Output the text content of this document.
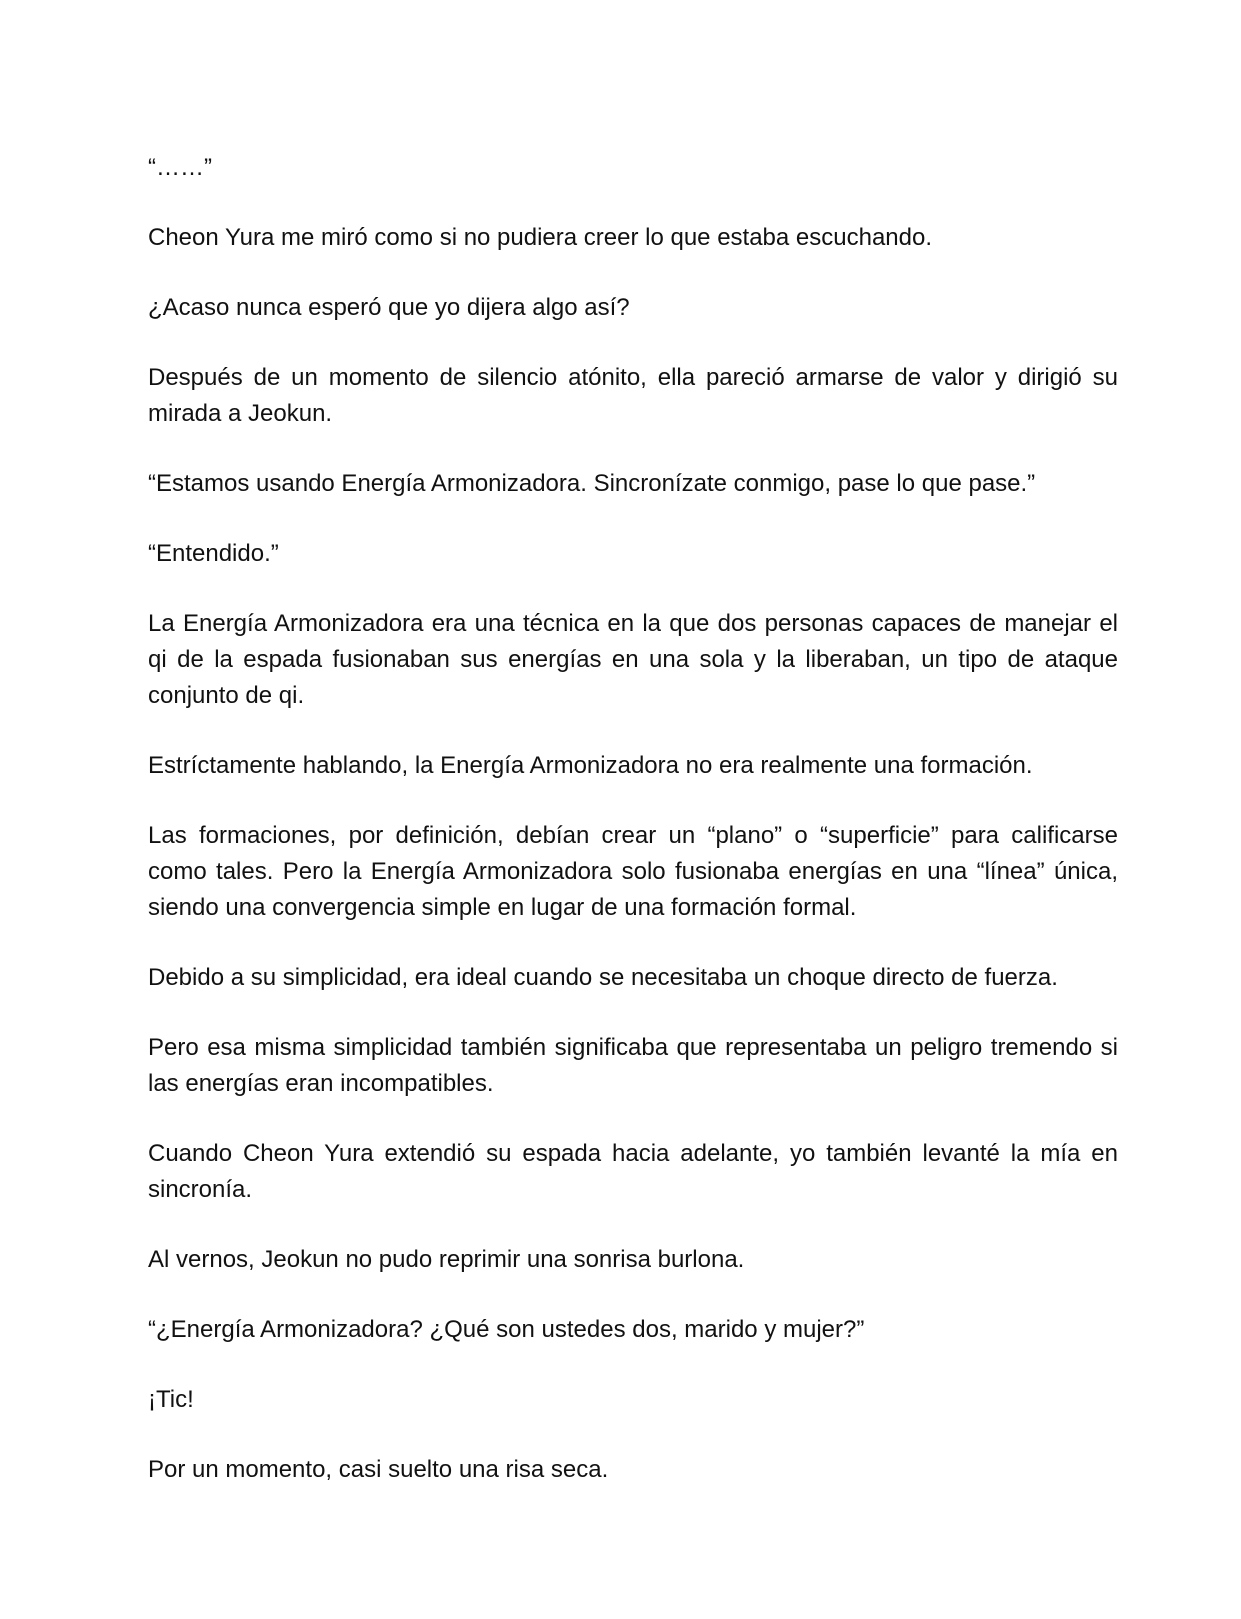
“……”

Cheon Yura me miró como si no pudiera creer lo que estaba escuchando.

¿Acaso nunca esperó que yo dijera algo así?

Después de un momento de silencio atónito, ella pareció armarse de valor y dirigió su mirada a Jeokun.

“Estamos usando Energía Armonizadora. Sincronízate conmigo, pase lo que pase.”

“Entendido.”

La Energía Armonizadora era una técnica en la que dos personas capaces de manejar el qi de la espada fusionaban sus energías en una sola y la liberaban, un tipo de ataque conjunto de qi.

Estríctamente hablando, la Energía Armonizadora no era realmente una formación.

Las formaciones, por definición, debían crear un “plano” o “superficie” para calificarse como tales. Pero la Energía Armonizadora solo fusionaba energías en una “línea” única, siendo una convergencia simple en lugar de una formación formal.

Debido a su simplicidad, era ideal cuando se necesitaba un choque directo de fuerza.

Pero esa misma simplicidad también significaba que representaba un peligro tremendo si las energías eran incompatibles.

Cuando Cheon Yura extendió su espada hacia adelante, yo también levanté la mía en sincronía.

Al vernos, Jeokun no pudo reprimir una sonrisa burlona.

“¿Energía Armonizadora? ¿Qué son ustedes dos, marido y mujer?”

¡Tic!

Por un momento, casi suelto una risa seca.
